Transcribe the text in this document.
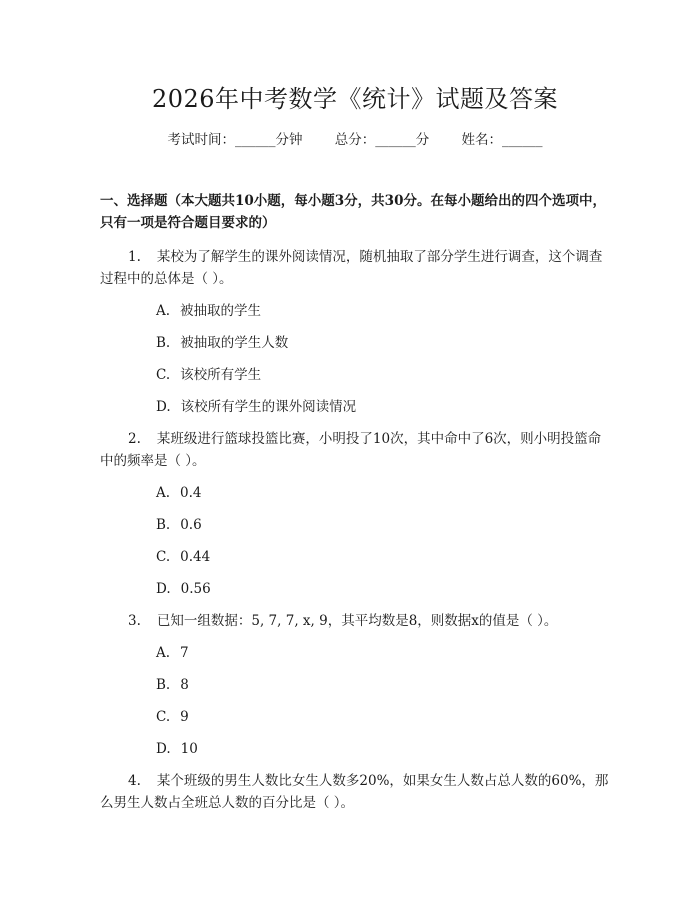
2026年中考数学《统计》试题及答案
考试时间：______分钟 总分：______分 姓名：______
一、选择题（本大题共10小题，每小题3分，共30分。在每小题给出的四个选项中，只有一项是符合题目要求的）
1. 某校为了解学生的课外阅读情况，随机抽取了部分学生进行调查，这个调查过程中的总体是（ ）。
A. 被抽取的学生
B. 被抽取的学生人数
C. 该校所有学生
D. 该校所有学生的课外阅读情况
2. 某班级进行篮球投篮比赛，小明投了10次，其中命中了6次，则小明投篮命中的频率是（ ）。
A. 0.4
B. 0.6
C. 0.44
D. 0.56
3. 已知一组数据：5, 7, 7, x, 9，其平均数是8，则数据x的值是（ ）。
A. 7
B. 8
C. 9
D. 10
4. 某个班级的男生人数比女生人数多20%，如果女生人数占总人数的60%，那么男生人数占全班总人数的百分比是（ ）。
